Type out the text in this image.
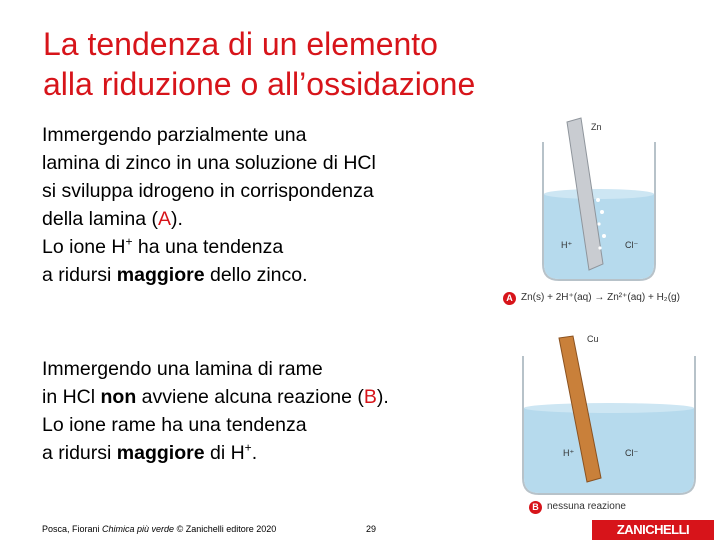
La tendenza di un elemento
alla riduzione o all’ossidazione

Immergendo parzialmente una
lamina di zinco in una soluzione di HCl
si sviluppa idrogeno in corrispondenza
della lamina (A).
Lo ione H+ ha una tendenza
a ridursi maggiore dello zinco.

Immergendo una lamina di rame
in HCl non avviene alcuna reazione (B).
Lo ione rame ha una tendenza
a ridursi maggiore di H+.

Zn
H⁺	Cl⁻
A Zn(s) + 2H⁺(aq) → Zn²⁺(aq) + H₂(g)
Cu
H⁺	Cl⁻
B nessuna reazione
Posca, Fiorani Chimica più verde © Zanichelli editore 2020	29	ZANICHELLI
